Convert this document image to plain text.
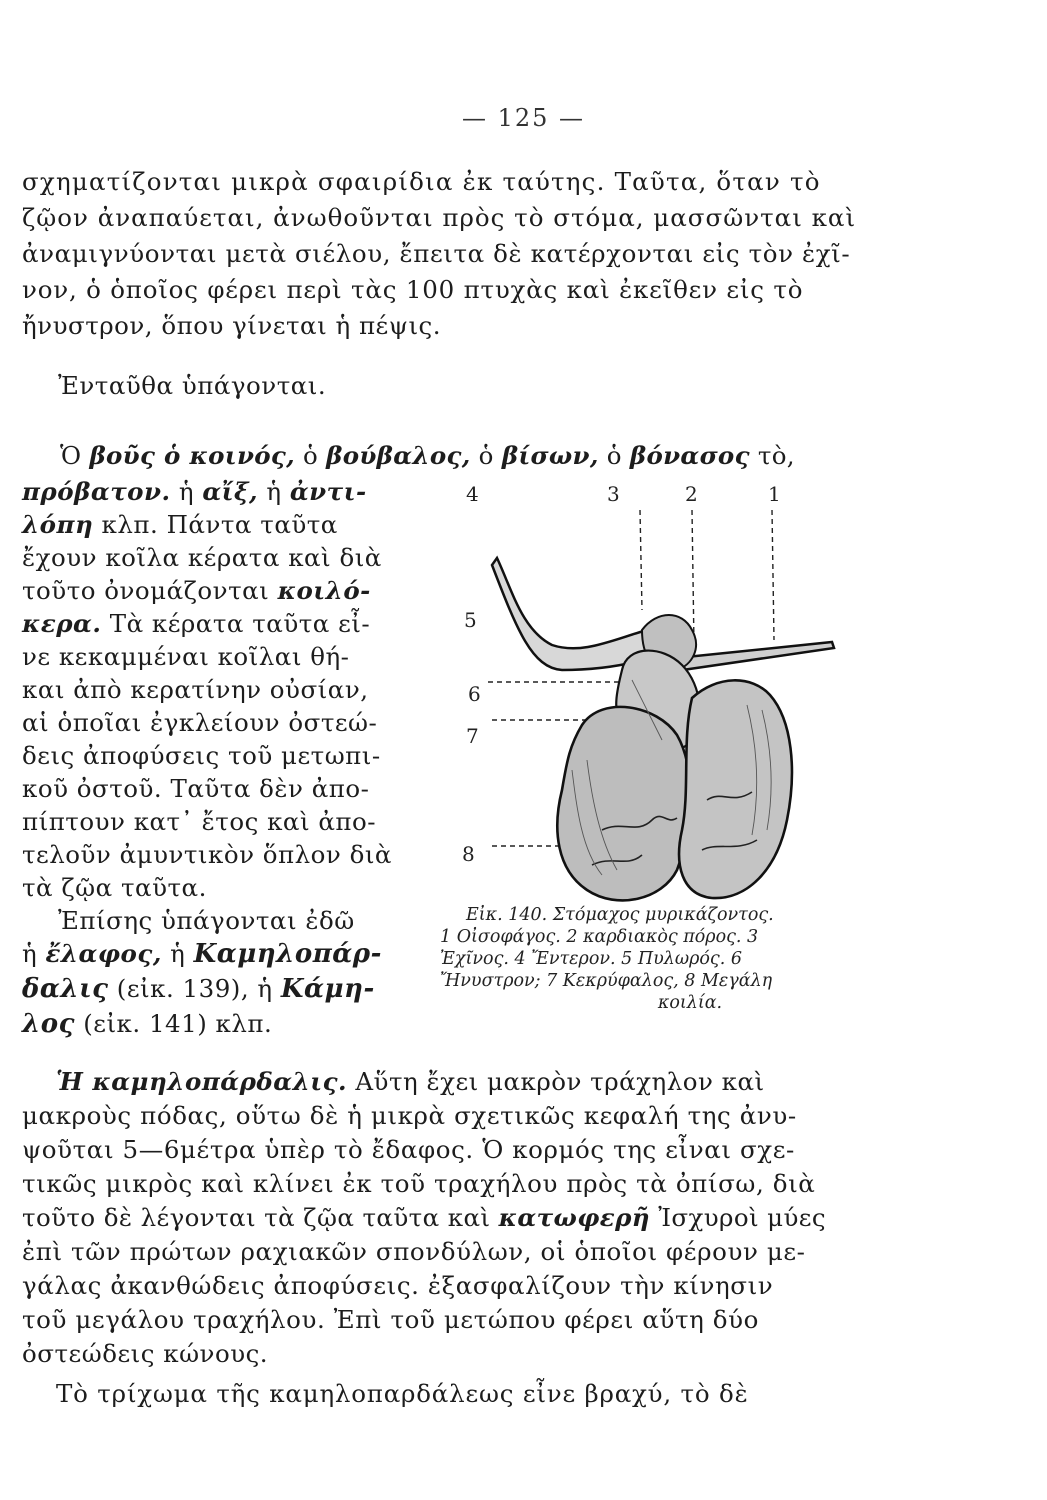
— 125 —
σχηματίζονται μικρὰ σφαιρίδια ἐκ ταύτης. Ταῦτα, ὅταν τὸ
ζῷον ἀναπαύεται, ἀνωθοῦνται πρὸς τὸ στόμα, μασσῶνται καὶ
ἀναμιγνύονται μετὰ σιέλου, ἔπειτα δὲ κατέρχονται εἰς τὸν ἐχῖ-
νον, ὁ ὁποῖος φέρει περὶ τὰς 100 πτυχὰς καὶ ἐκεῖθεν εἰς τὸ
ἤνυστρον, ὅπου γίνεται ἡ πέψις.
Ἐνταῦθα ὑπάγονται.
Ὁ βοῦς ὁ κοινός, ὁ βούβαλος, ὁ βίσων, ὁ βόνασος τὸ,
πρόβατον. ἡ αἴξ, ἡ ἀντι-
λόπη κλπ. Πάντα ταῦτα
ἔχουν κοῖλα κέρατα καὶ διὰ
τοῦτο ὀνομάζονται κοιλό-
κερα. Τὰ κέρατα ταῦτα εἶ-
νε κεκαμμέναι κοῖλαι θή-
και ἀπὸ κερατίνην οὐσίαν,
αἱ ὁποῖαι ἐγκλείουν ὀστεώ-
δεις ἀποφύσεις τοῦ μετωπι-
κοῦ ὀστοῦ. Ταῦτα δὲν ἀπο-
πίπτουν κατ᾿ ἔτος καὶ ἀπο-
τελοῦν ἀμυντικὸν ὅπλον διὰ
τὰ ζῷα ταῦτα.
Ἐπίσης ὑπάγονται ἐδῶ
ἡ ἔλαφος, ἡ Καμηλοπάρ-
δαλις (εἰκ. 139), ἡ Κάμη-
λος (εἰκ. 141) κλπ.
4	3	2	1
5
6
7
8
Εἰκ. 140. Στόμαχος μυρικάζοντος.
1 Οἰσοφάγος. 2 καρδιακὸς πόρος. 3
Ἐχῖνος. 4 Ἔντερον. 5 Πυλωρός. 6
Ἤνυστρον; 7 Κεκρύφαλος, 8 Μεγάλη
κοιλία.
Ἡ καμηλοπάρδαλις. Αὕτη ἔχει μακρὸν τράχηλον καὶ
μακροὺς πόδας, οὕτω δὲ ἡ μικρὰ σχετικῶς κεφαλή της ἀνυ-
ψοῦται 5—6μέτρα ὑπὲρ τὸ ἔδαφος. Ὁ κορμός της εἶναι σχε-
τικῶς μικρὸς καὶ κλίνει ἐκ τοῦ τραχήλου πρὸς τὰ ὀπίσω, διὰ
τοῦτο δὲ λέγονται τὰ ζῷα ταῦτα καὶ κατωφερῆ Ἰσχυροὶ μύες
ἐπὶ τῶν πρώτων ραχιακῶν σπονδύλων, οἱ ὁποῖοι φέρουν με-
γάλας ἀκανθώδεις ἀποφύσεις. ἐξασφαλίζουν τὴν κίνησιν
τοῦ μεγάλου τραχήλου. Ἐπὶ τοῦ μετώπου φέρει αὕτη δύο
ὀστεώδεις κώνους.
Τὸ τρίχωμα τῆς καμηλοπαρδάλεως εἶνε βραχύ, τὸ δὲ
